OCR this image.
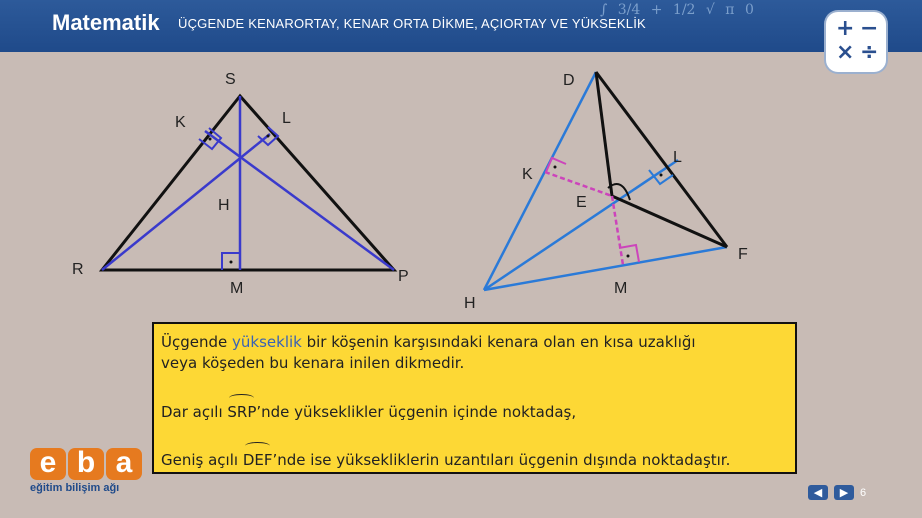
Matematik ÜÇGENDE KENARORTAY, KENAR ORTA DİKME, AÇIORTAY VE YÜKSEKLİK
∫ 3/4 + 1/2 √ π 0
+ −
× ÷
S
R	P
K	L
M
H
D
H
F
K
L
M
E

Üçgende yükseklik bir köşenin karşısındaki kenara olan en kısa uzaklığı

veya köşeden bu kenara inilen dikmedir.

Dar açılı SRP’nde yükseklikler üçgenin içinde noktadaş,

Geniş açılı DEF’nde ise yüksekliklerin uzantıları üçgenin dışında noktadaştır.

e b a
eğitim bilişim ağı	◀	▶	6
